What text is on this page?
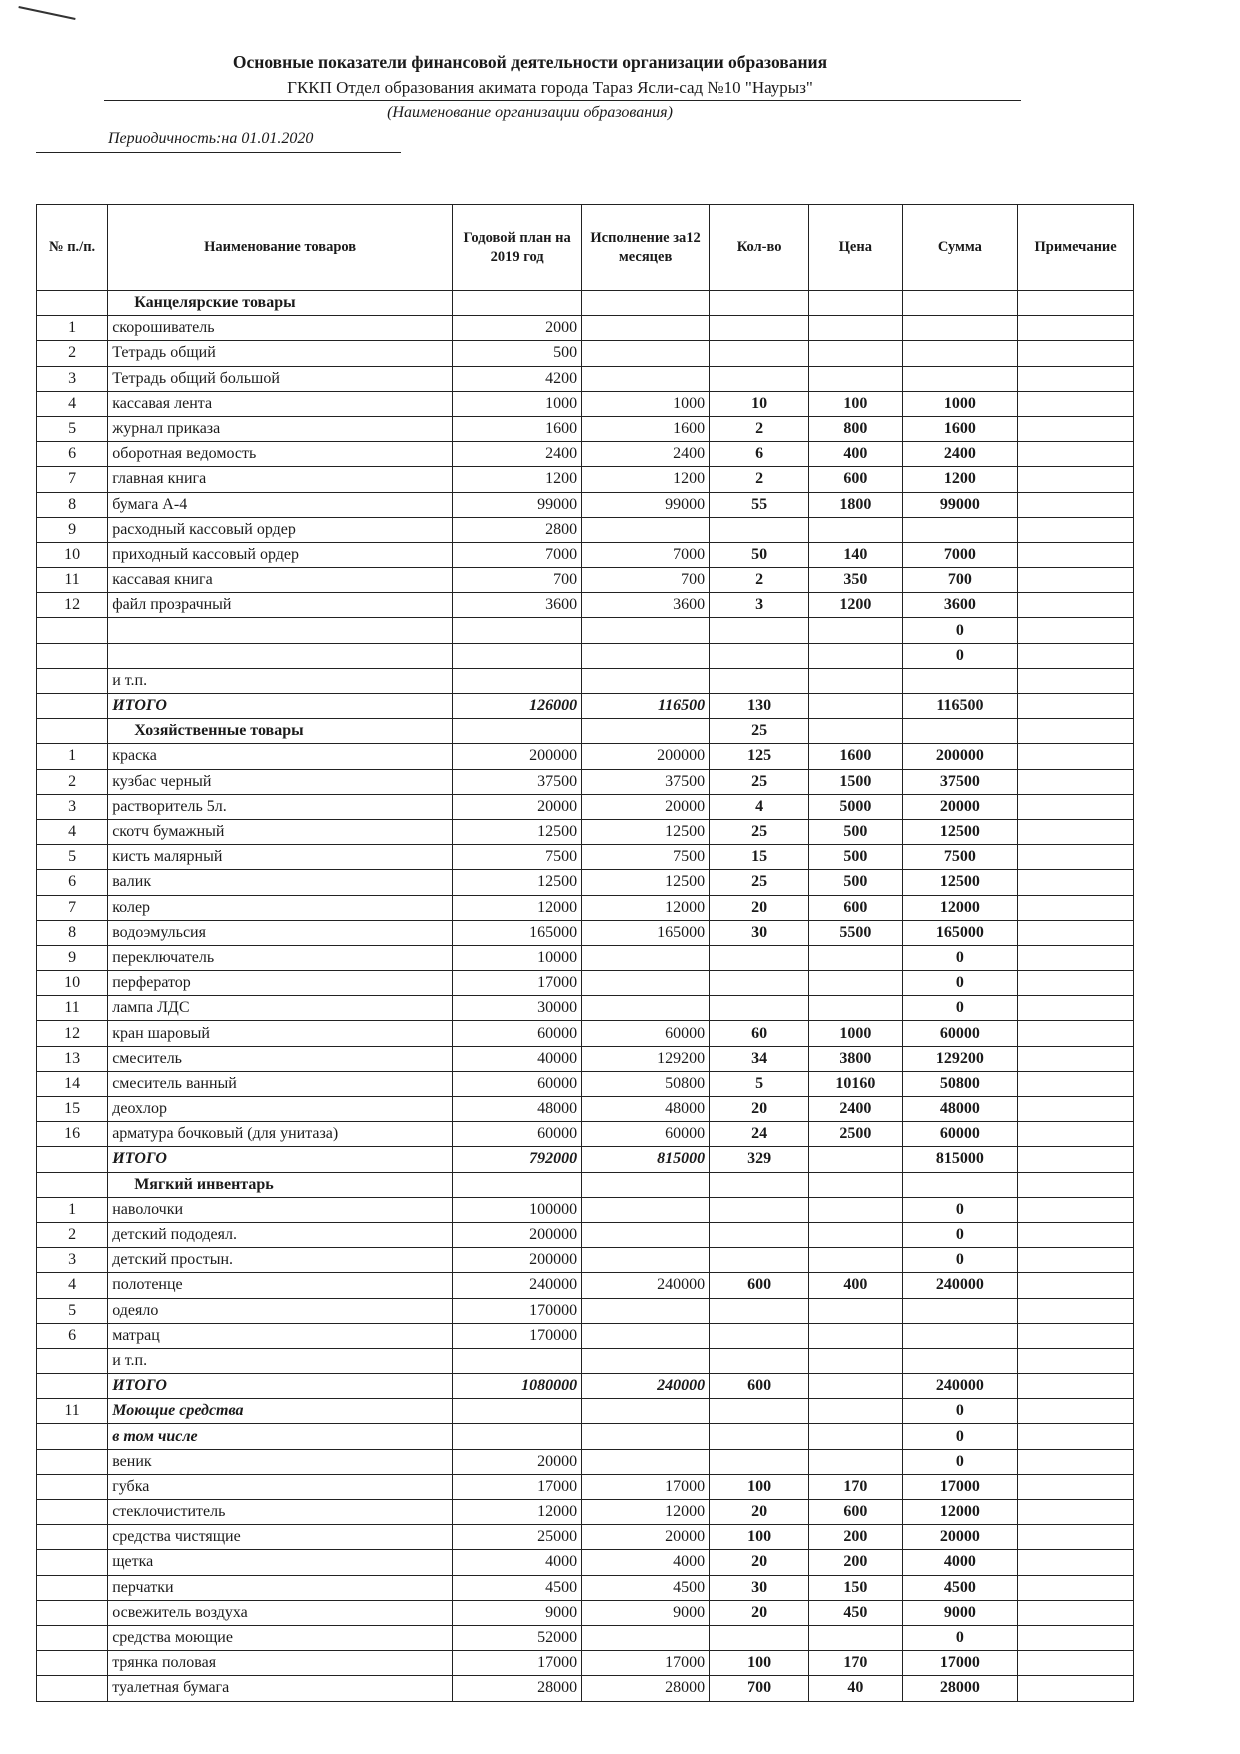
Основные показатели финансовой деятельности организации образования
ГККП Отдел образования акимата города Тараз Ясли-сад №10 "Наурыз"
(Наименование организации образования)
Периодичность:на 01.01.2020
№ п./п.	Наименование товаров	Годовой план на 2019 год	Исполнение за12 месяцев	Кол-во	Цена	Сумма	Примечание
	Канцелярские товары						
1	скорошиватель	2000					
2	Тетрадь общий	500					
3	Тетрадь общий большой	4200					
4	кассавая лента	1000	1000	10	100	1000	
5	журнал приказа	1600	1600	2	800	1600	
6	оборотная ведомость	2400	2400	6	400	2400	
7	главная книга	1200	1200	2	600	1200	
8	бумага А-4	99000	99000	55	1800	99000	
9	расходный кассовый ордер	2800					
10	приходный кассовый ордер	7000	7000	50	140	7000	
11	кассавая книга	700	700	2	350	700	
12	файл прозрачный	3600	3600	3	1200	3600	
						0	
						0	
	и т.п.						
	ИТОГО	126000	116500	130		116500	
	Хозяйственные товары			25			
1	краска	200000	200000	125	1600	200000	
2	кузбас черный	37500	37500	25	1500	37500	
3	растворитель 5л.	20000	20000	4	5000	20000	
4	скотч бумажный	12500	12500	25	500	12500	
5	кисть малярный	7500	7500	15	500	7500	
6	валик	12500	12500	25	500	12500	
7	колер	12000	12000	20	600	12000	
8	водоэмульсия	165000	165000	30	5500	165000	
9	переключатель	10000				0	
10	перфератор	17000				0	
11	лампа ЛДС	30000				0	
12	кран шаровый	60000	60000	60	1000	60000	
13	смеситель	40000	129200	34	3800	129200	
14	смеситель ванный	60000	50800	5	10160	50800	
15	деохлор	48000	48000	20	2400	48000	
16	арматура бочковый (для унитаза)	60000	60000	24	2500	60000	
	ИТОГО	792000	815000	329		815000	
	Мягкий инвентарь						
1	наволочки	100000				0	
2	детский пододеял.	200000				0	
3	детский простын.	200000				0	
4	полотенце	240000	240000	600	400	240000	
5	одеяло	170000					
6	матрац	170000					
	и т.п.						
	ИТОГО	1080000	240000	600		240000	
11	Моющие средства					0	
	в том числе					0	
	веник	20000				0	
	губка	17000	17000	100	170	17000	
	стеклочиститель	12000	12000	20	600	12000	
	средства чистящие	25000	20000	100	200	20000	
	щетка	4000	4000	20	200	4000	
	перчатки	4500	4500	30	150	4500	
	освежитель воздуха	9000	9000	20	450	9000	
	средства моющие	52000				0	
	трянка половая	17000	17000	100	170	17000	
	туалетная бумага	28000	28000	700	40	28000	
